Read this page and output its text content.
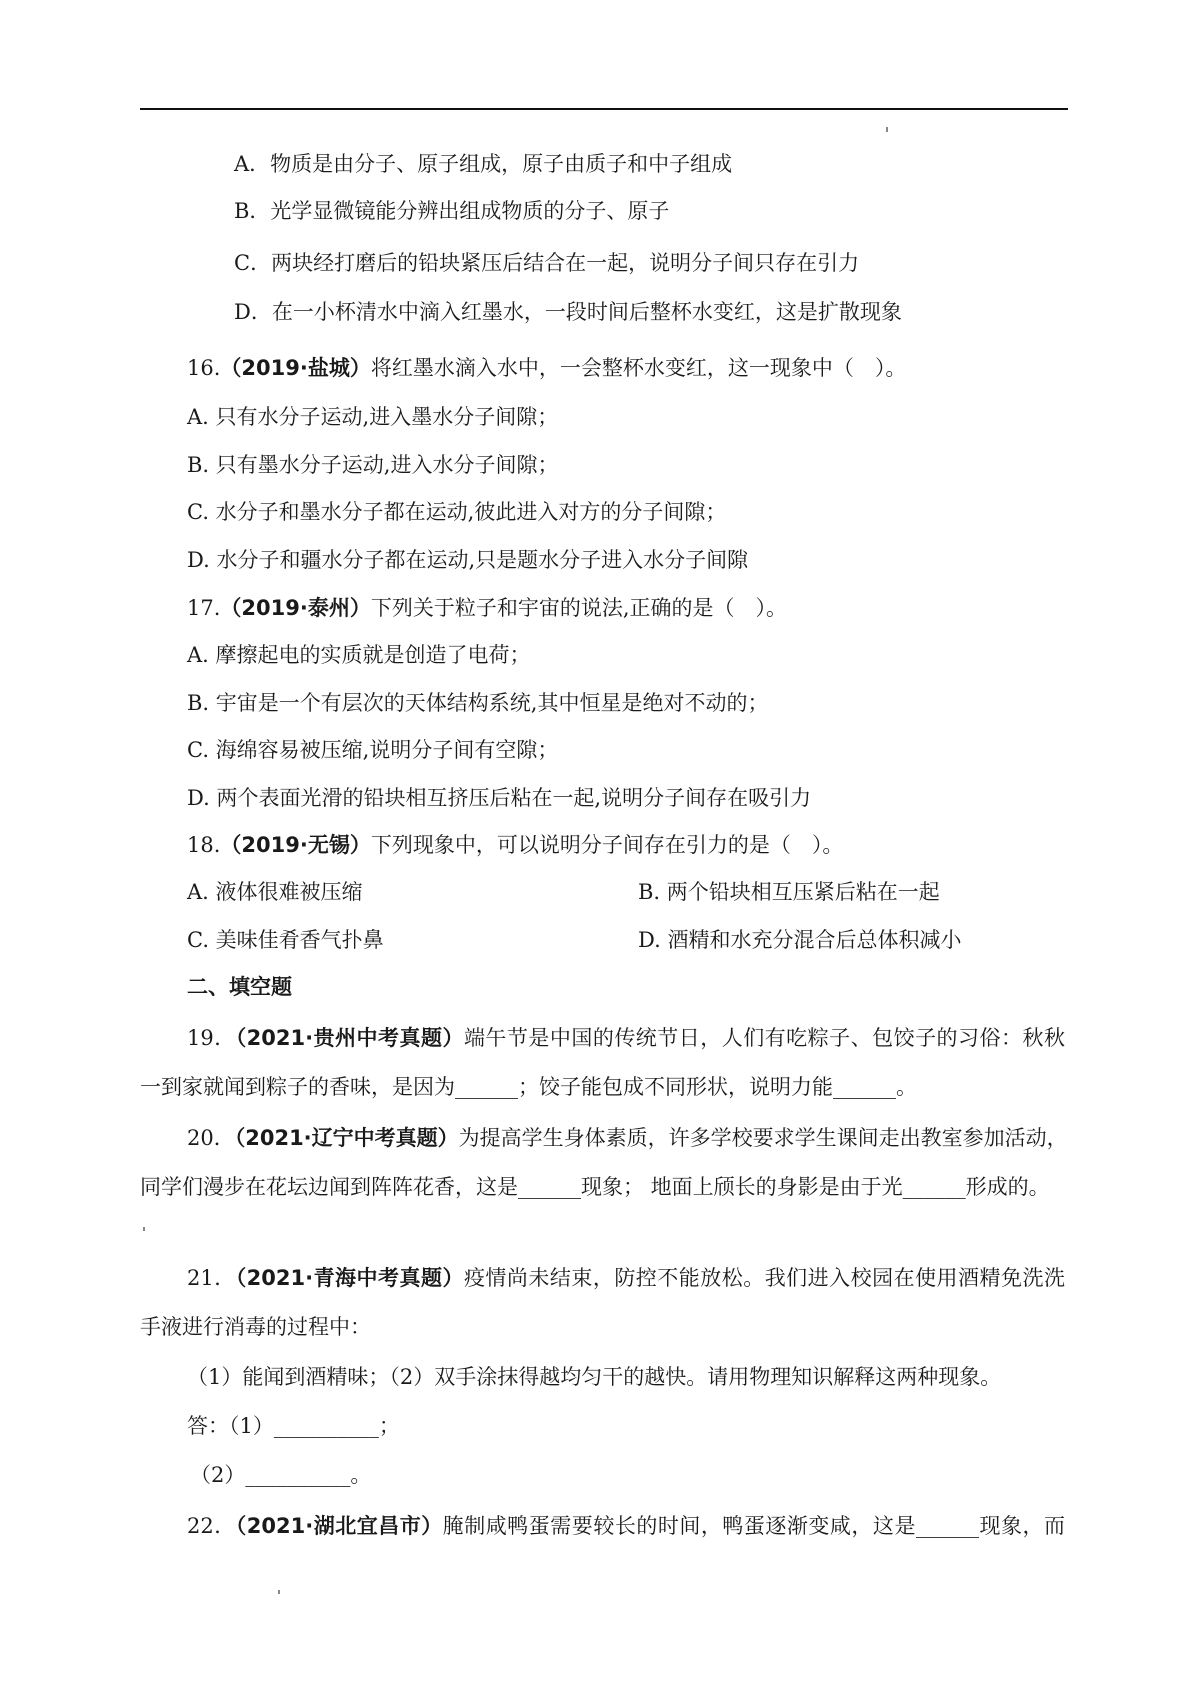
A．物质是由分子、原子组成，原子由质子和中子组成
B．光学显微镜能分辨出组成物质的分子、原子
C．两块经打磨后的铅块紧压后结合在一起，说明分子间只存在引力
D．在一小杯清水中滴入红墨水，一段时间后整杯水变红，这是扩散现象
16.（2019·盐城）将红墨水滴入水中，一会整杯水变红，这一现象中（　）。
A. 只有水分子运动,进入墨水分子间隙；
B. 只有墨水分子运动,进入水分子间隙；
C. 水分子和墨水分子都在运动,彼此进入对方的分子间隙；
D. 水分子和疆水分子都在运动,只是题水分子进入水分子间隙
17.（2019·泰州）下列关于粒子和宇宙的说法,正确的是（　）。
A. 摩擦起电的实质就是创造了电荷；
B. 宇宙是一个有层次的天体结构系统,其中恒星是绝对不动的；
C. 海绵容易被压缩,说明分子间有空隙；
D. 两个表面光滑的铅块相互挤压后粘在一起,说明分子间存在吸引力
18.（2019·无锡）下列现象中，可以说明分子间存在引力的是（　）。
A. 液体很难被压缩	B. 两个铅块相互压紧后粘在一起
C. 美味佳肴香气扑鼻	D. 酒精和水充分混合后总体积减小
二、填空题
19．（2021·贵州中考真题）端午节是中国的传统节日，人们有吃粽子、包饺子的习俗：秋秋
一到家就闻到粽子的香味，是因为______；饺子能包成不同形状，说明力能______。
20．（2021·辽宁中考真题）为提高学生身体素质，许多学校要求学生课间走出教室参加活动，
同学们漫步在花坛边闻到阵阵花香，这是______现象； 地面上颀长的身影是由于光______形成的。
21．（2021·青海中考真题）疫情尚未结束，防控不能放松。我们进入校园在使用酒精免洗洗
手液进行消毒的过程中：
（1）能闻到酒精味；（2）双手涂抹得越均匀干的越快。请用物理知识解释这两种现象。
答：（1）__________；
（2）__________。
22．（2021·湖北宜昌市）腌制咸鸭蛋需要较长的时间，鸭蛋逐渐变咸，这是______现象，而
